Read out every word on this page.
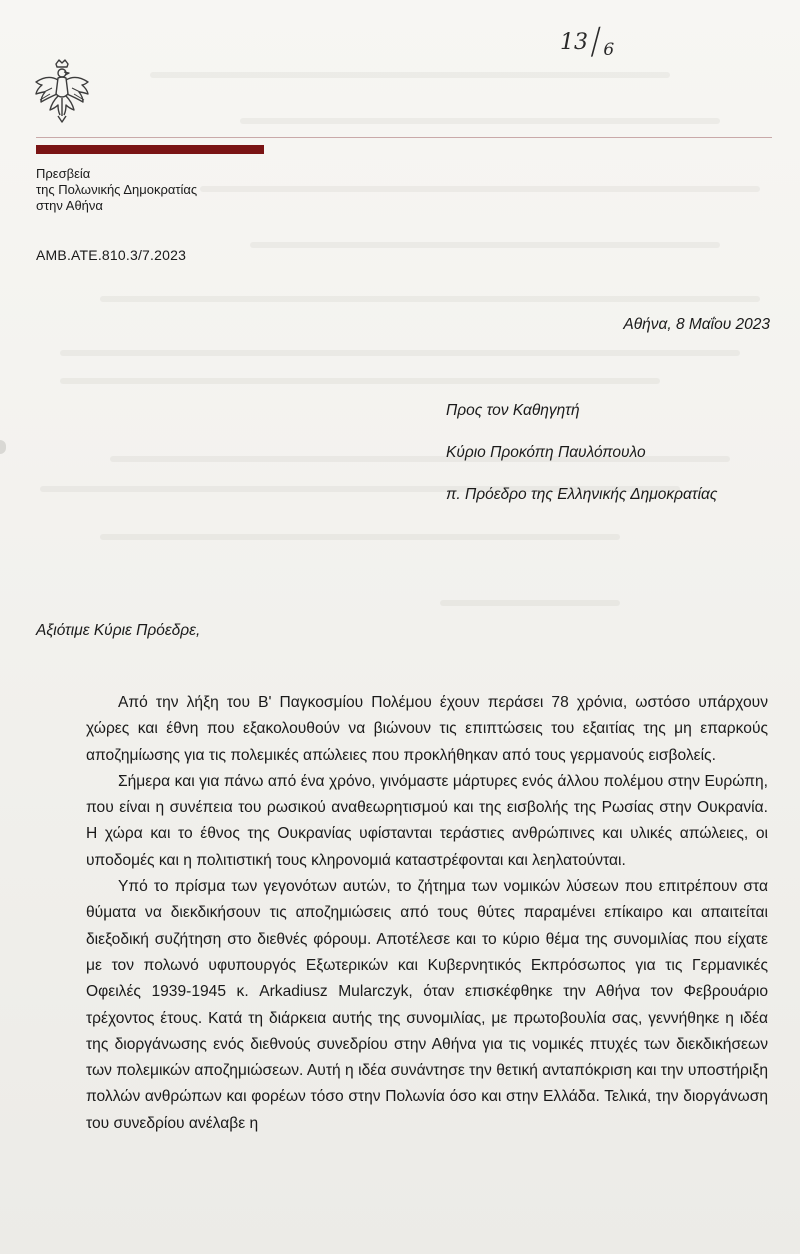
Πρεσβεία
της Πολωνικής Δημοκρατίας
στην Αθήνα
13 / $_6$
AMB.ATE.810.3/7.2023
Αθήνα, 8 Μαΐου 2023
Προς τον Καθηγητή
Κύριο Προκόπη Παυλόπουλο
π. Πρόεδρο της Ελληνικής Δημοκρατίας
Αξιότιμε Κύριε Πρόεδρε,

Από την λήξη του Β' Παγκοσμίου Πολέμου έχουν περάσει 78 χρόνια, ωστόσο υπάρχουν χώρες και έθνη που εξακολουθούν να βιώνουν τις επιπτώσεις του εξαιτίας της μη επαρκούς αποζημίωσης για τις πολεμικές απώλειες που προκλήθηκαν από τους γερμανούς εισβολείς.

Σήμερα και για πάνω από ένα χρόνο, γινόμαστε μάρτυρες ενός άλλου πολέμου στην Ευρώπη, που είναι η συνέπεια του ρωσικού αναθεωρητισμού και της εισβολής της Ρωσίας στην Ουκρανία. Η χώρα και το έθνος της Ουκρανίας υφίστανται τεράστιες ανθρώπινες και υλικές απώλειες, οι υποδομές και η πολιτιστική τους κληρονομιά καταστρέφονται και λεηλατούνται.

Υπό το πρίσμα των γεγονότων αυτών, το ζήτημα των νομικών λύσεων που επιτρέπουν στα θύματα να διεκδικήσουν τις αποζημιώσεις από τους θύτες παραμένει επίκαιρο και απαιτείται διεξοδική συζήτηση στο διεθνές φόρουμ. Αποτέλεσε και το κύριο θέμα της συνομιλίας που είχατε με τον πολωνό υφυπουργός Εξωτερικών και Κυβερνητικός Εκπρόσωπος για τις Γερμανικές Οφειλές 1939-1945 κ. Arkadiusz Mularczyk, όταν επισκέφθηκε την Αθήνα τον Φεβρουάριο τρέχοντος έτους. Κατά τη διάρκεια αυτής της συνομιλίας, με πρωτοβουλία σας, γεννήθηκε η ιδέα της διοργάνωσης ενός διεθνούς συνεδρίου στην Αθήνα για τις νομικές πτυχές των διεκδικήσεων των πολεμικών αποζημιώσεων. Αυτή η ιδέα συνάντησε την θετική ανταπόκριση και την υποστήριξη πολλών ανθρώπων και φορέων τόσο στην Πολωνία όσο και στην Ελλάδα. Τελικά, την διοργάνωση του συνεδρίου ανέλαβε η
